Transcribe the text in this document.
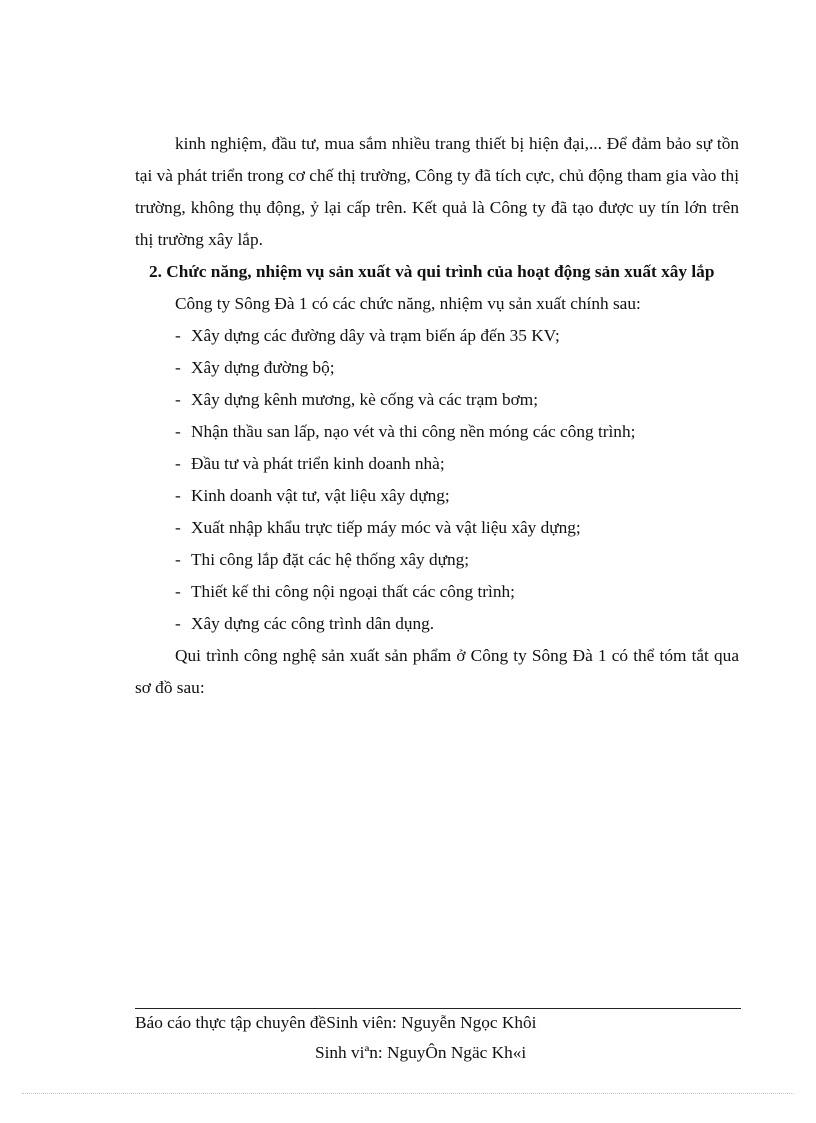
kinh nghiệm, đầu tư, mua sắm nhiều trang thiết bị hiện đại,... Để đảm bảo sự tồn tại và phát triển trong cơ chế thị trường, Công ty đã tích cực, chủ động tham gia vào thị trường, không thụ động, ỷ lại cấp trên. Kết quả là Công ty đã tạo được uy tín lớn trên thị trường xây lắp.

2. Chức năng, nhiệm vụ sản xuất và qui trình của hoạt động sản xuất xây lắp

Công ty Sông Đà 1 có các chức năng, nhiệm vụ sản xuất chính sau:

- Xây dựng các đường dây và trạm biến áp đến 35 KV;
- Xây dựng đường bộ;
- Xây dựng kênh mương, kè cống và các trạm bơm;
- Nhận thầu san lấp, nạo vét và thi công nền móng các công trình;
- Đầu tư và phát triển kinh doanh nhà;
- Kinh doanh vật tư, vật liệu xây dựng;
- Xuất nhập khẩu trực tiếp máy móc và vật liệu xây dựng;
- Thi công lắp đặt các hệ thống xây dựng;
- Thiết kế thi công nội ngoại thất các công trình;
- Xây dựng các công trình dân dụng.

Qui trình công nghệ sản xuất sản phẩm ở Công ty Sông Đà 1 có thể tóm tắt qua sơ đồ sau:

Báo cáo thực tập chuyên đềSinh viên: Nguyễn Ngọc Khôi
Sinh viªn: NguyÔn Ngäc Kh«i
